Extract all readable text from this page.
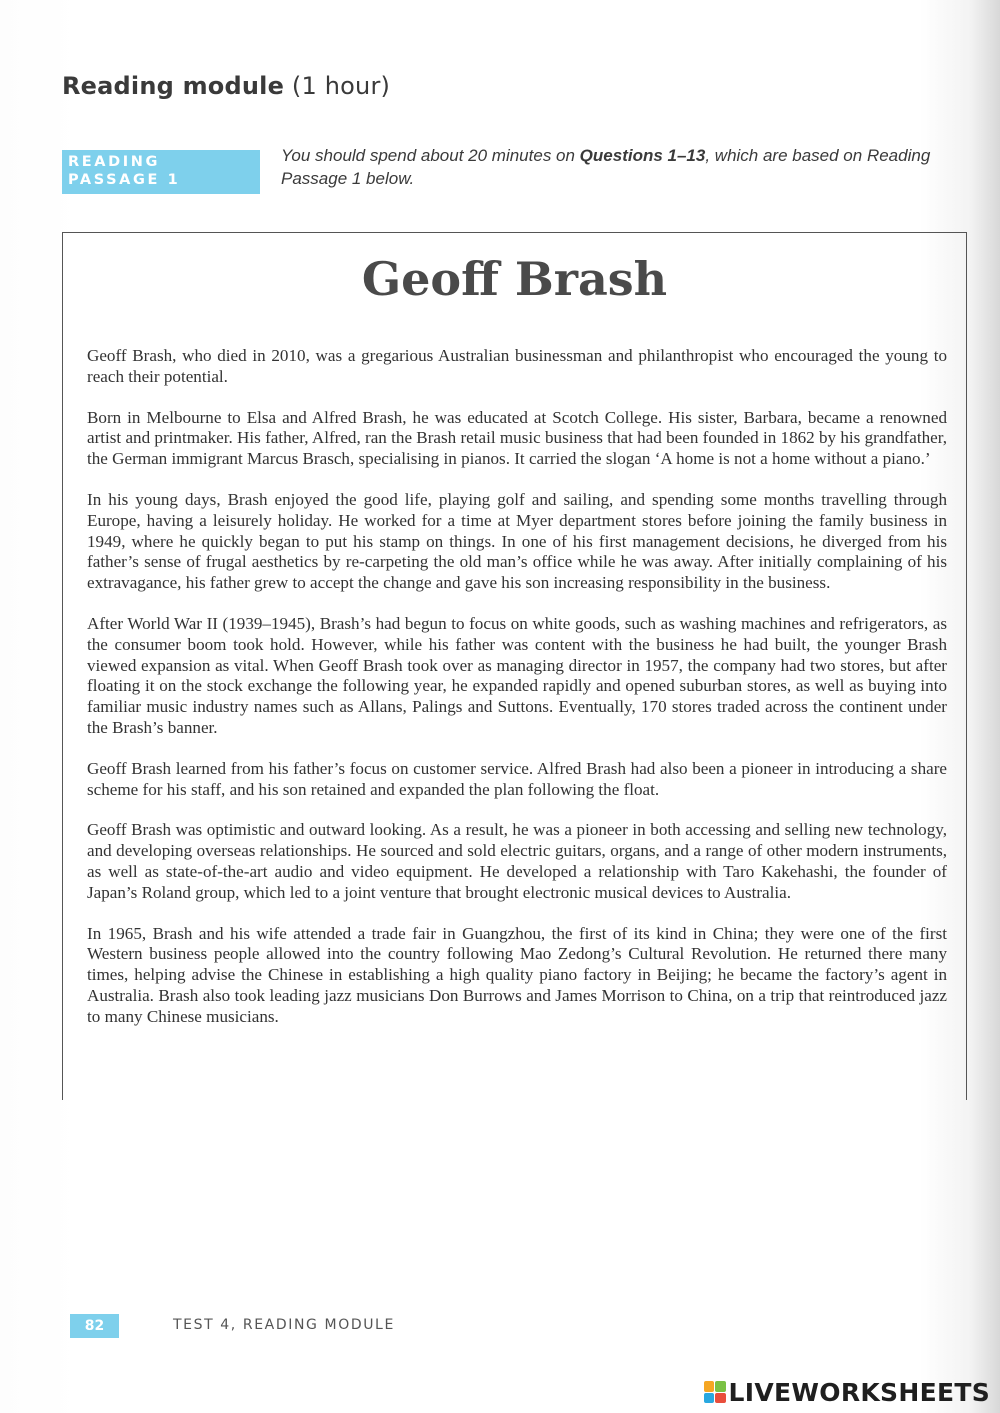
Reading module (1 hour)
READING
PASSAGE 1
You should spend about 20 minutes on Questions 1–13, which are based on Reading Passage 1 below.
Geoff Brash

Geoff Brash, who died in 2010, was a gregarious Australian businessman and philanthropist who encouraged the young to reach their potential.

Born in Melbourne to Elsa and Alfred Brash, he was educated at Scotch College. His sister, Barbara, became a renowned artist and printmaker. His father, Alfred, ran the Brash retail music business that had been founded in 1862 by his grandfather, the German immigrant Marcus Brasch, specialising in pianos. It carried the slogan ‘A home is not a home without a piano.’

In his young days, Brash enjoyed the good life, playing golf and sailing, and spending some months travelling through Europe, having a leisurely holiday. He worked for a time at Myer department stores before joining the family business in 1949, where he quickly began to put his stamp on things. In one of his first management decisions, he diverged from his father’s sense of frugal aesthetics by re-carpeting the old man’s office while he was away. After initially complaining of his extravagance, his father grew to accept the change and gave his son increasing responsibility in the business.

After World War II (1939–1945), Brash’s had begun to focus on white goods, such as washing machines and refrigerators, as the consumer boom took hold. However, while his father was content with the business he had built, the younger Brash viewed expansion as vital. When Geoff Brash took over as managing director in 1957, the company had two stores, but after floating it on the stock exchange the following year, he expanded rapidly and opened suburban stores, as well as buying into familiar music industry names such as Allans, Palings and Suttons. Eventually, 170 stores traded across the continent under the Brash’s banner.

Geoff Brash learned from his father’s focus on customer service. Alfred Brash had also been a pioneer in introducing a share scheme for his staff, and his son retained and expanded the plan following the float.

Geoff Brash was optimistic and outward looking. As a result, he was a pioneer in both accessing and selling new technology, and developing overseas relationships. He sourced and sold electric guitars, organs, and a range of other modern instruments, as well as state-of-the-art audio and video equipment. He developed a relationship with Taro Kakehashi, the founder of Japan’s Roland group, which led to a joint venture that brought electronic musical devices to Australia.

In 1965, Brash and his wife attended a trade fair in Guangzhou, the first of its kind in China; they were one of the first Western business people allowed into the country following Mao Zedong’s Cultural Revolution. He returned there many times, helping advise the Chinese in establishing a high quality piano factory in Beijing; he became the factory’s agent in Australia. Brash also took leading jazz musicians Don Burrows and James Morrison to China, on a trip that reintroduced jazz to many Chinese musicians.

82	TEST 4, READING MODULE
LIVEWORKSHEETS
